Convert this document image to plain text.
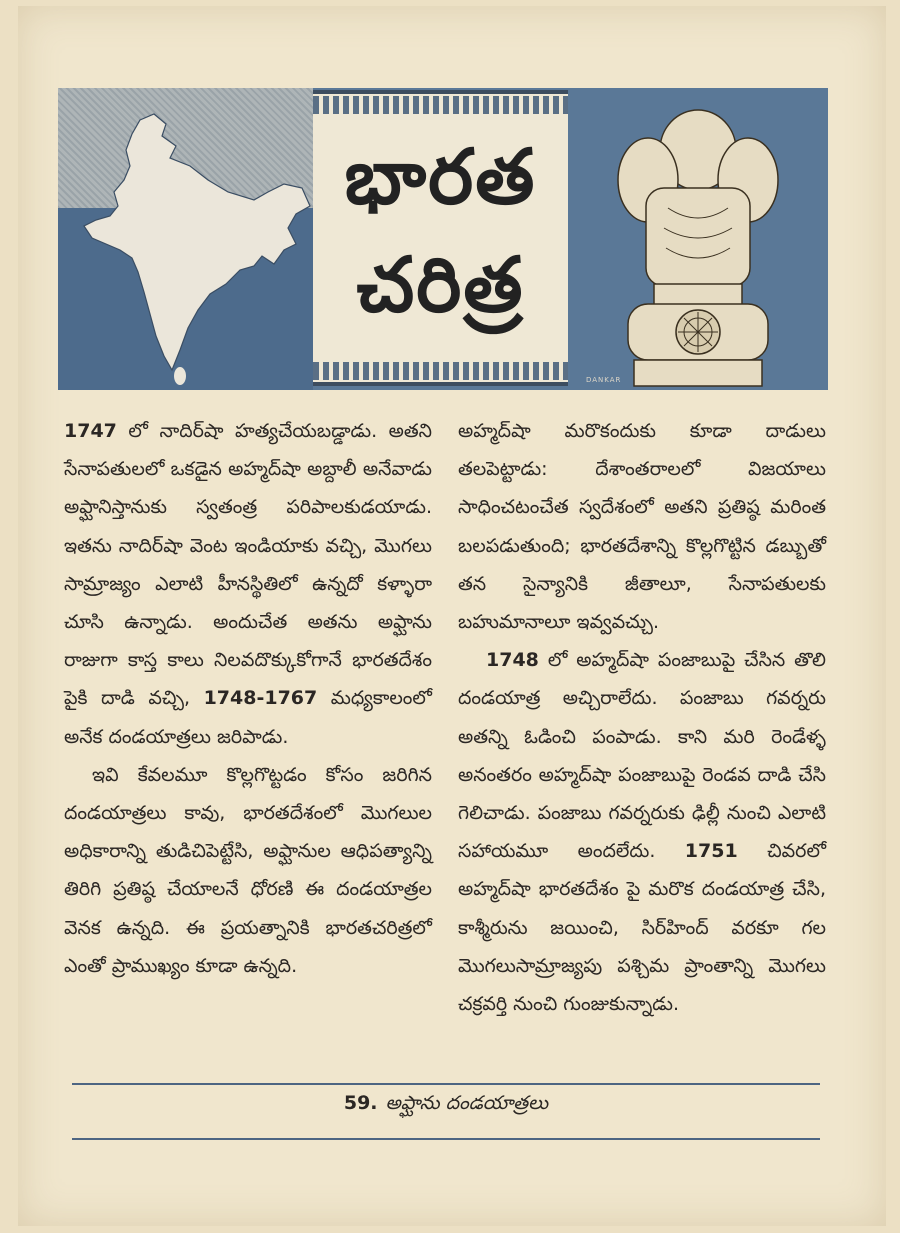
భారత
చరిత్ర
DANKAR

1747 లో నాదిర్‌షా హత్యచేయబడ్డాడు. అతని సేనాపతులలో ఒకడైన అహ్మద్‌షా అబ్దాలీ అనేవాడు అఫ్ఘానిస్తానుకు స్వతంత్ర పరిపాలకుడయాడు. ఇతను నాదిర్‌షా వెంట ఇండియాకు వచ్చి, మొగలు సామ్రాజ్యం ఎలాటి హీనస్థితిలో ఉన్నదో కళ్ళారా చూసి ఉన్నాడు. అందుచేత అతను అఫ్ఘాను రాజుగా కాస్త కాలు నిలవదొక్కుకోగానే భారతదేశం పైకి దాడి వచ్చి, 1748-1767 మధ్యకాలంలో అనేక దండయాత్రలు జరిపాడు.

ఇవి కేవలమూ కొల్లగొట్టడం కోసం జరిగిన దండయాత్రలు కావు, భారతదేశంలో మొగలుల అధికారాన్ని తుడిచిపెట్టేసి, అఫ్ఘానుల ఆధిపత్యాన్ని తిరిగి ప్రతిష్ఠ చేయాలనే ధోరణి ఈ దండయాత్రల వెనక ఉన్నది. ఈ ప్రయత్నానికి భారతచరిత్రలో ఎంతో ప్రాముఖ్యం కూడా ఉన్నది.

అహ్మద్‌షా మరొకందుకు కూడా దాడులు తలపెట్టాడు: దేశాంతరాలలో విజయాలు సాధించటంచేత స్వదేశంలో అతని ప్రతిష్ఠ మరింత బలపడుతుంది; భారతదేశాన్ని కొల్లగొట్టిన డబ్బుతో తన సైన్యానికి జీతాలూ, సేనాపతులకు బహుమానాలూ ఇవ్వవచ్చు.

1748 లో అహ్మద్‌షా పంజాబుపై చేసిన తొలి దండయాత్ర అచ్చిరాలేదు. పంజాబు గవర్నరు అతన్ని ఓడించి పంపాడు. కాని మరి రెండేళ్ళ అనంతరం అహ్మద్‌షా పంజాబుపై రెండవ దాడి చేసి గెలిచాడు. పంజాబు గవర్నరుకు ఢిల్లీ నుంచి ఎలాటి సహాయమూ అందలేదు. 1751 చివరలో అహ్మద్‌షా భారతదేశం పై మరొక దండయాత్ర చేసి, కాశ్మీరును జయించి, సిర్‌హింద్ వరకూ గల మొగలుసామ్రాజ్యపు పశ్చిమ ప్రాంతాన్ని మొగలు చక్రవర్తి నుంచి గుంజుకున్నాడు.

59. అఫ్ఘాను దండయాత్రలు
